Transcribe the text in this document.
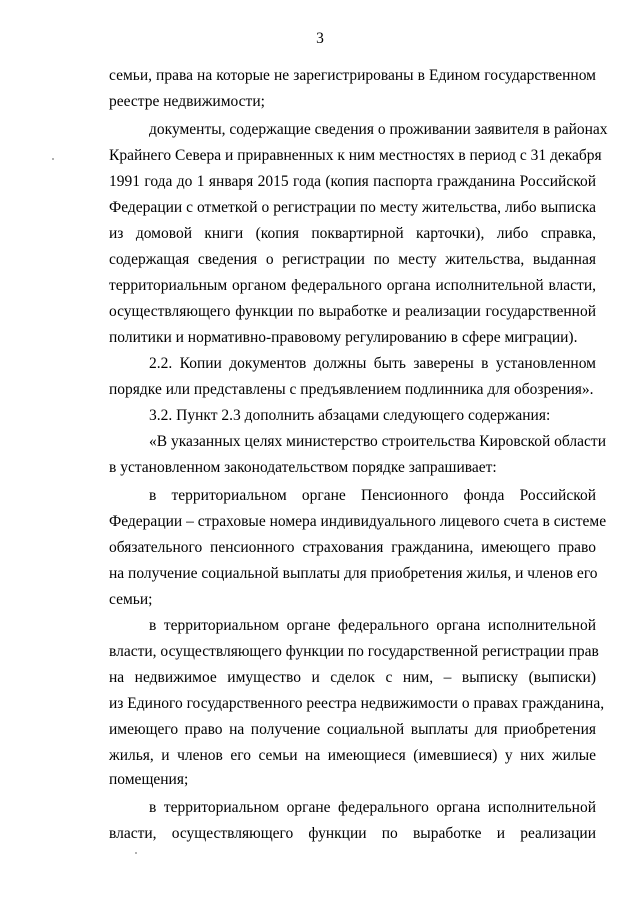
3
семьи, права на которые не зарегистрированы в Едином государственном
реестре недвижимости;
документы, содержащие сведения о проживании заявителя в районах
Крайнего Севера и приравненных к ним местностях в период с 31 декабря
1991 года до 1 января 2015 года (копия паспорта гражданина Российской
Федерации с отметкой о регистрации по месту жительства, либо выписка
из домовой книги (копия поквартирной карточки), либо справка,
содержащая сведения о регистрации по месту жительства, выданная
территориальным органом федерального органа исполнительной власти,
осуществляющего функции по выработке и реализации государственной
политики и нормативно-правовому регулированию в сфере миграции).
2.2. Копии документов должны быть заверены в установленном
порядке или представлены с предъявлением подлинника для обозрения».
3.2. Пункт 2.3 дополнить абзацами следующего содержания:
«В указанных целях министерство строительства Кировской области
в установленном законодательством порядке запрашивает:
в территориальном органе Пенсионного фонда Российской
Федерации – страховые номера индивидуального лицевого счета в системе
обязательного пенсионного страхования гражданина, имеющего право
на получение социальной выплаты для приобретения жилья, и членов его
семьи;
в территориальном органе федерального органа исполнительной
власти, осуществляющего функции по государственной регистрации прав
на недвижимое имущество и сделок с ним, – выписку (выписки)
из Единого государственного реестра недвижимости о правах гражданина,
имеющего право на получение социальной выплаты для приобретения
жилья, и членов его семьи на имеющиеся (имевшиеся) у них жилые
помещения;
в территориальном органе федерального органа исполнительной
власти, осуществляющего функции по выработке и реализации
